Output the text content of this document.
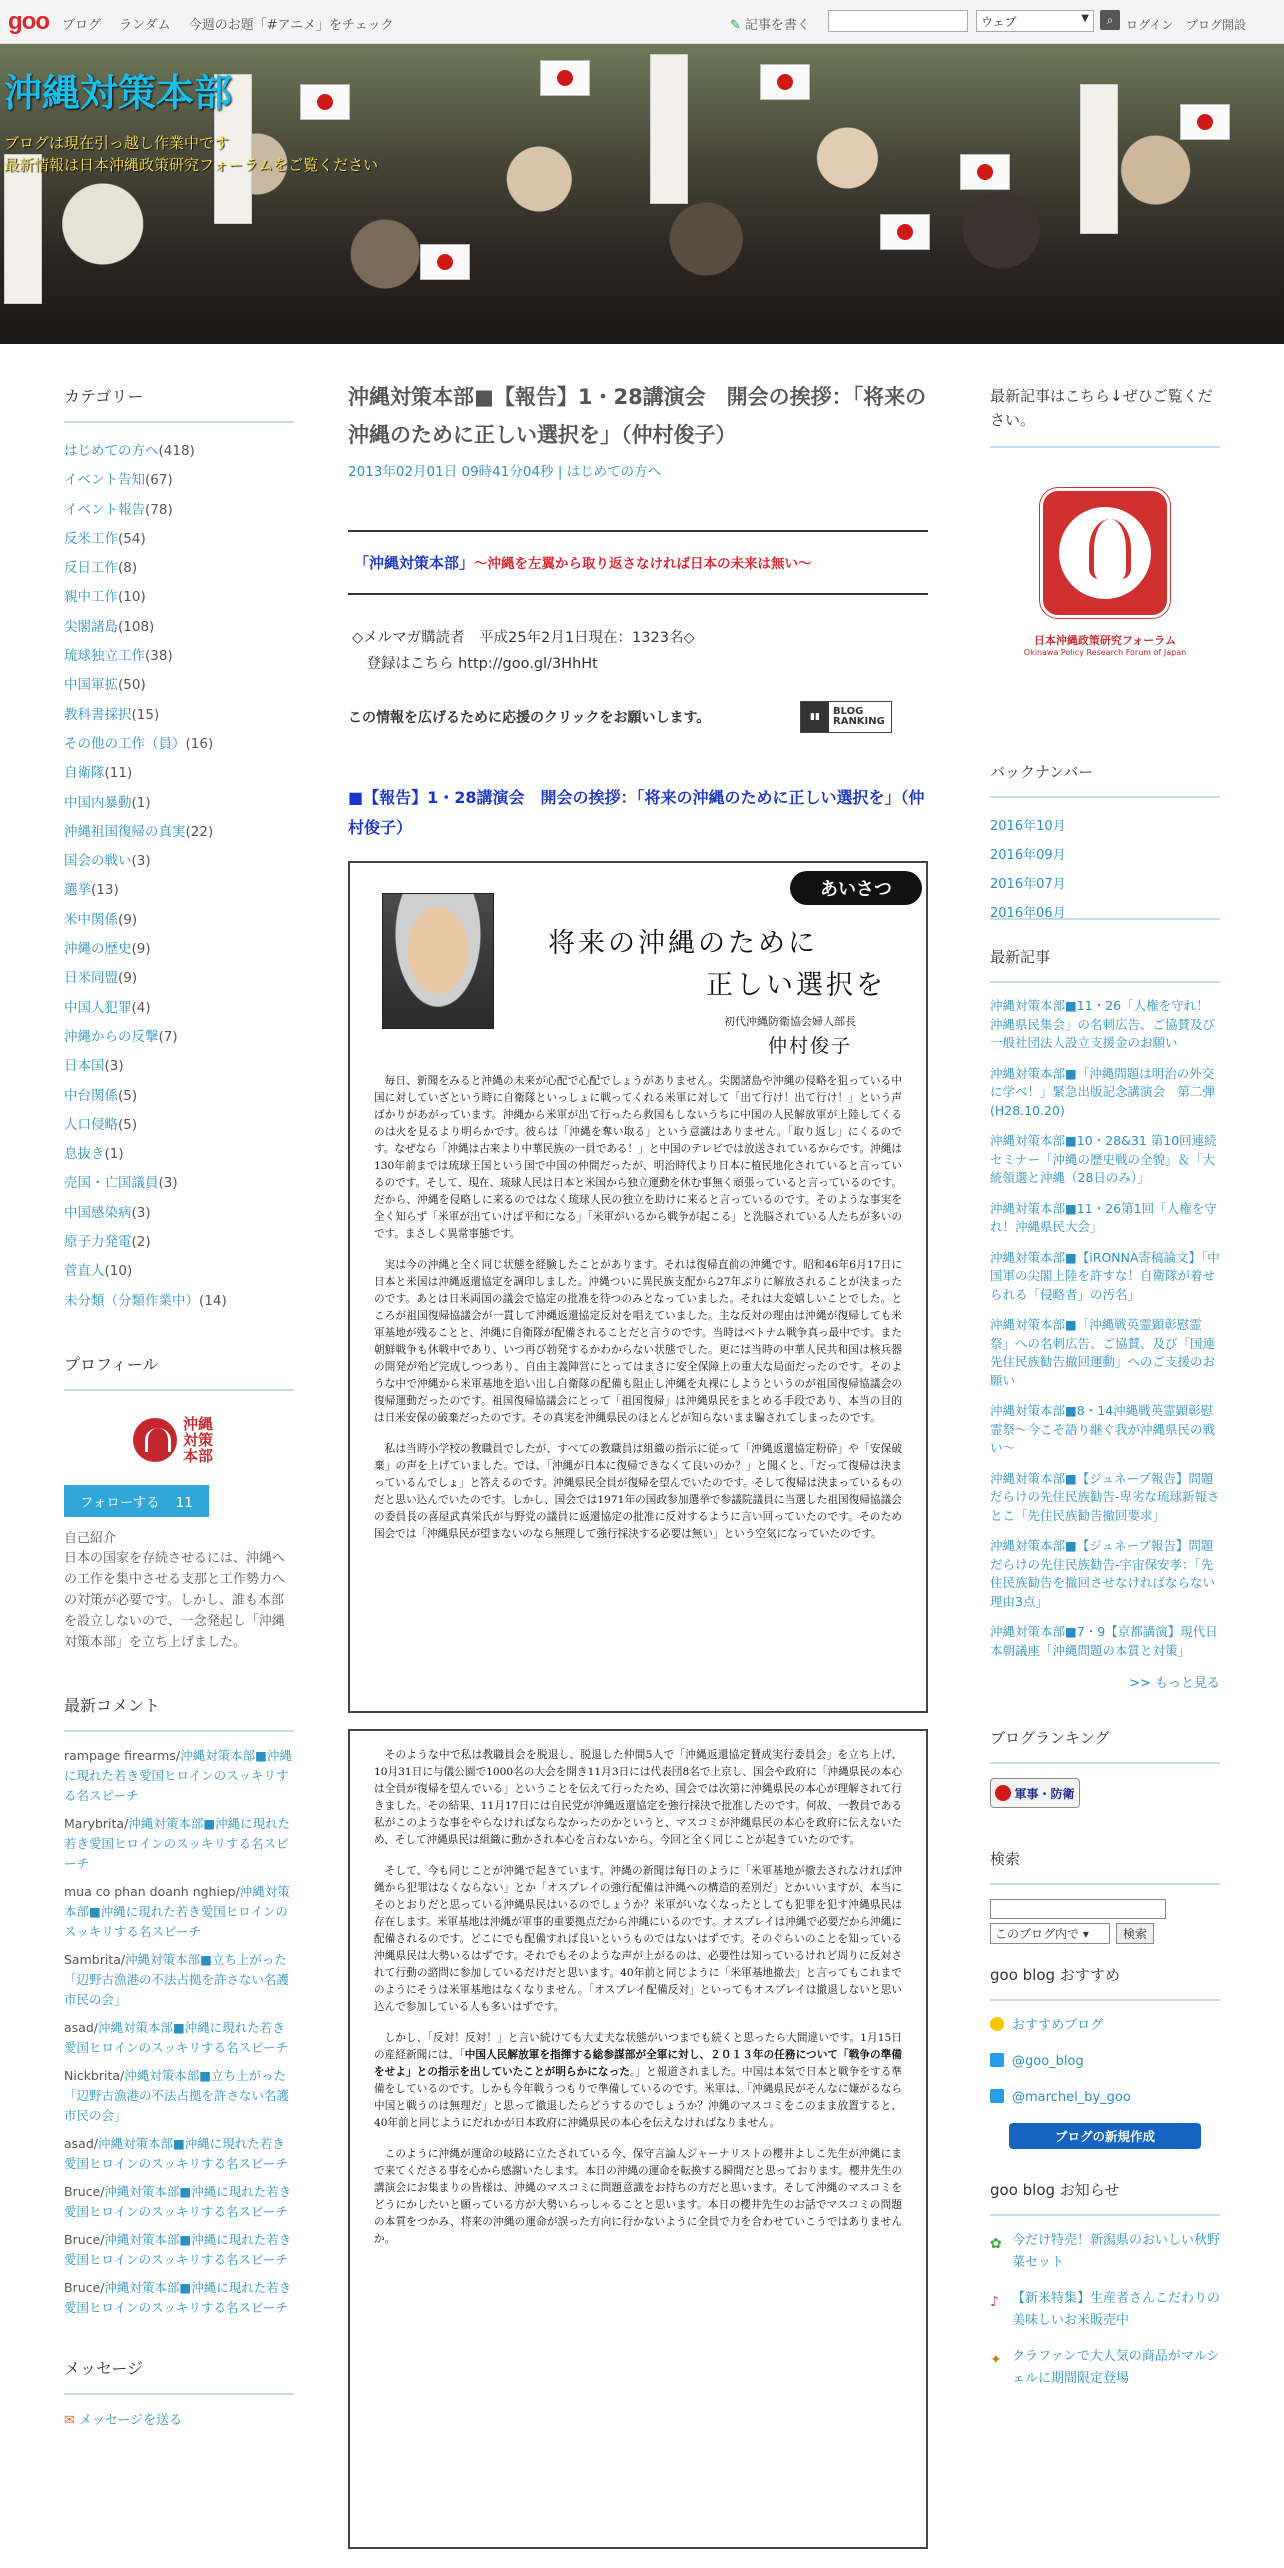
goo ブログ ランダム 今週のお題「#アニメ」をチェック	✎ 記事を書く	ウェブ	▼	⌕	ログイン ブログ開設
沖縄対策本部
ブログは現在引っ越し作業中です
最新情報は日本沖縄政策研究フォーラムをご覧ください
カテゴリー
はじめての方へ(418)
イベント告知(67)
イベント報告(78)
反米工作(54)
反日工作(8)
親中工作(10)
尖閣諸島(108)
琉球独立工作(38)
中国軍拡(50)
教科書採択(15)
その他の工作（員）(16)
自衛隊(11)
中国内暴動(1)
沖縄祖国復帰の真実(22)
国会の戦い(3)
選挙(13)
米中関係(9)
沖縄の歴史(9)
日米同盟(9)
中国人犯罪(4)
沖縄からの反撃(7)
日本国(3)
中台関係(5)
人口侵略(5)
息抜き(1)
売国・亡国議員(3)
中国感染病(3)
原子力発電(2)
菅直人(10)
未分類（分類作業中）(14)
プロフィール
沖縄対策本部
フォローする 11
自己紹介
日本の国家を存続させるには、沖縄への工作を集中させる支那と工作勢力への対策が必要です。しかし、誰も本部を設立しないので、一念発起し「沖縄対策本部」を立ち上げました。
最新コメント
rampage firearms/沖縄対策本部■沖縄に現れた若き愛国ヒロインのスッキリする名スピーチ
Marybrita/沖縄対策本部■沖縄に現れた若き愛国ヒロインのスッキリする名スピーチ
mua co phan doanh nghiep/沖縄対策本部■沖縄に現れた若き愛国ヒロインのスッキリする名スピーチ
Sambrita/沖縄対策本部■立ち上がった「辺野古漁港の不法占拠を許さない名護市民の会」
asad/沖縄対策本部■沖縄に現れた若き愛国ヒロインのスッキリする名スピーチ
Nickbrita/沖縄対策本部■立ち上がった「辺野古漁港の不法占拠を許さない名護市民の会」
asad/沖縄対策本部■沖縄に現れた若き愛国ヒロインのスッキリする名スピーチ
Bruce/沖縄対策本部■沖縄に現れた若き愛国ヒロインのスッキリする名スピーチ
Bruce/沖縄対策本部■沖縄に現れた若き愛国ヒロインのスッキリする名スピーチ
Bruce/沖縄対策本部■沖縄に現れた若き愛国ヒロインのスッキリする名スピーチ
メッセージ
✉ メッセージを送る
沖縄対策本部■【報告】1・28講演会　開会の挨拶：「将来の沖縄のために正しい選択を」（仲村俊子）
2013年02月01日 09時41分04秒 | はじめての方へ
「沖縄対策本部」～沖縄を左翼から取り返さなければ日本の未来は無い～
◇メルマガ購読者　平成25年2月1日現在：1323名◇
　登録はこちら http://goo.gl/3HhHt
この情報を広げるために応援のクリックをお願いします。	▮▮	BLOG
RANKING
■【報告】1・28講演会　開会の挨拶：「将来の沖縄のために正しい選択を」（仲村俊子）
あいさつ
将来の沖縄のために
正しい選択を
初代沖縄防衛協会婦人部長
仲村俊子

毎日、新聞をみると沖縄の未来が心配で心配でしょうがありません。尖閣諸島や沖縄の侵略を狙っている中国に対していざという時に自衛隊といっしょに戦ってくれる米軍に対して「出て行け！出て行け！」という声ばかりがあがっています。沖縄から米軍が出て行ったら救国もしないうちに中国の人民解放軍が上陸してくるのは火を見るより明らかです。彼らは「沖縄を奪い取る」という意識はありません。「取り返し」にくるのです。なぜなら「沖縄は古来より中華民族の一員である！」と中国のテレビでは放送されているからです。沖縄は130年前までは琉球王国という国で中国の仲間だったが、明治時代より日本に植民地化されていると言っているのです。そして、現在、琉球人民は日本と米国から独立運動を休む事無く頑張っていると言っているのです。だから、沖縄を侵略しに来るのではなく琉球人民の独立を助けに来ると言っているのです。そのような事実を全く知らず「米軍が出ていけば平和になる」「米軍がいるから戦争が起こる」と洗脳されている人たちが多いのです。まさしく異常事態です。

実は今の沖縄と全く同じ状態を経験したことがあります。それは復帰直前の沖縄です。昭和46年6月17日に日本と米国は沖縄返還協定を調印しました。沖縄ついに異民族支配から27年ぶりに解放されることが決まったのです。あとは日米両国の議会で協定の批准を待つのみとなっていました。それは大変嬉しいことでした。ところが祖国復帰協議会が一貫して沖縄返還協定反対を唱えていました。主な反対の理由は沖縄が復帰しても米軍基地が残ることと、沖縄に自衛隊が配備されることだと言うのです。当時はベトナム戦争真っ最中です。また朝鮮戦争も休戦中であり、いつ再び勃発するかわからない状態でした。更には当時の中華人民共和国は核兵器の開発が殆ど完成しつつあり、自由主義陣営にとってはまさに安全保障上の重大な局面だったのです。そのような中で沖縄から米軍基地を追い出し自衛隊の配備も阻止し沖縄を丸裸にしようというのが祖国復帰協議会の復帰運動だったのです。祖国復帰協議会にとって「祖国復帰」は沖縄県民をまとめる手段であり、本当の目的は日米安保の破棄だったのです。その真実を沖縄県民のほとんどが知らないまま騙されてしまったのです。

私は当時小学校の教職員でしたが、すべての教職員は組織の指示に従って「沖縄返還協定粉砕」や「安保破棄」の声を上げていました。では、「沖縄が日本に復帰できなくて良いのか？」と聞くと、「だって復帰は決まっているんでしょ」と答えるのです。沖縄県民全員が復帰を望んでいたのです。そして復帰は決まっているものだと思い込んでいたのです。しかし、国会では1971年の国政参加選挙で参議院議員に当選した祖国復帰協議会の委員長の喜屋武真栄氏が与野党の議員に返還協定の批准に反対するように言い回っていたのです。そのため国会では「沖縄県民が望まないのなら無理して強行採決する必要は無い」という空気になっていたのです。

そのような中で私は教職員会を脱退し、脱退した仲間5人で「沖縄返還協定賛成実行委員会」を立ち上げ、10月31日に与儀公園で1000名の大会を開き11月3日には代表団8名で上京し、国会や政府に「沖縄県民の本心は全員が復帰を望んでいる」ということを伝えて行ったため、国会では次第に沖縄県民の本心が理解されて行きました。その結果、11月17日には自民党が沖縄返還協定を強行採決で批准したのです。何故、一教員である私がこのような事をやらなければならなかったのかというと、マスコミが沖縄県民の本心を政府に伝えないため、そして沖縄県民は組織に動かされ本心を言わないから、今回と全く同じことが起きていたのです。

そして、今も同じことが沖縄で起きています。沖縄の新聞は毎日のように「米軍基地が撤去されなければ沖縄から犯罪はなくならない」とか「オスプレイの強行配備は沖縄への構造的差別だ」とかいいますが、本当にそのとおりだと思っている沖縄県民はいるのでしょうか？米軍がいなくなったとしても犯罪を犯す沖縄県民は存在します。米軍基地は沖縄が軍事的重要拠点だから沖縄にいるのです。オスプレイは沖縄で必要だから沖縄に配備されるのです。どこにでも配備すれば良いというものではないはずです。そのぐらいのことを知っている沖縄県民は大勢いるはずです。それでもそのような声が上がるのは、必要性は知っているけれど周りに反対されて行動の諮問に参加しているだけだと思います。40年前と同じように「米軍基地撤去」と言ってもこれまでのようにそうは米軍基地はなくなりません。「オスプレイ配備反対」といってもオスプレイは撤退しないと思い込んで参加している人も多いはずです。

しかし、「反対！反対！」と言い続けても大丈夫な状態がいつまでも続くと思ったら大間違いです。1月15日の産経新聞には、「中国人民解放軍を指揮する総参謀部が全軍に対し、２０１３年の任務について「戦争の準備をせよ」との指示を出していたことが明らかになった。」と報道されました。中国は本気で日本と戦争をする準備をしているのです。しかも今年戦うつもりで準備しているのです。米軍は、「沖縄県民がそんなに嫌がるなら中国と戦うのは無理だ」と思って撤退したらどうするのでしょうか？沖縄のマスコミをこのまま放置すると、40年前と同じようにだれかが日本政府に沖縄県民の本心を伝えなければなりません。

このように沖縄が運命の岐路に立たされている今、保守言論人ジャーナリストの櫻井よしこ先生が沖縄にまで来てくださる事を心から感謝いたします。本日の沖縄の運命を転換する瞬間だと思っております。櫻井先生の講演会にお集まりの皆様は、沖縄のマスコミに問題意識をお持ちの方だと思います。そして沖縄のマスコミをどうにかしたいと願っている方が大勢いらっしゃることと思います。本日の櫻井先生のお話でマスコミの問題の本質をつかみ、将来の沖縄の運命が誤った方向に行かないように全員で力を合わせていこうではありませんか。

最新記事はこちら↓ぜひご覧ください。
日本沖縄政策研究フォーラム
Okinawa Policy Research Forum of Japan
バックナンバー
2016年10月
2016年09月
2016年07月
2016年06月
最新記事
沖縄対策本部■11・26「人権を守れ！沖縄県民集会」の名刺広告、ご協賛及び一般社団法人設立支援金のお願い
沖縄対策本部■「沖縄問題は明治の外交に学べ！」緊急出版記念講演会　第二弾(H28.10.20)
沖縄対策本部■10・28&31 第10回連続セミナー「沖縄の歴史戦の全貌」＆「大統領選と沖縄（28日のみ）」
沖縄対策本部■11・26第1回「人権を守れ！沖縄県民大会」
沖縄対策本部■【iRONNA寄稿論文】「中国軍の尖閣上陸を許すな！自衛隊が着せられる「侵略者」の汚名」
沖縄対策本部■「沖縄戦英霊顕彰慰霊祭」への名刺広告、ご協賛、及び「国連先住民族勧告撤回運動」へのご支援のお願い
沖縄対策本部■8・14沖縄戦英霊顕彰慰霊祭～今こそ語り継ぐ我が沖縄県民の戦い～
沖縄対策本部■【ジュネーブ報告】問題だらけの先住民族勧告-卑劣な琉球新報さとこ「先住民族勧告撤回要求」
沖縄対策本部■【ジュネーブ報告】問題だらけの先住民族勧告-宇宙保安孝：「先住民族勧告を撤回させなければならない理由3点」
沖縄対策本部■7・9【京都講演】現代日本朝議座「沖縄問題の本質と対策」
>> もっと見る
ブログランキング
軍事・防衛
検索
このブログ内で ▾	検索
goo blog おすすめ
おすすめブログ
@goo_blog
@marchel_by_goo
ブログの新規作成
goo blog お知らせ
✿ 今だけ特売！新潟県のおいしい秋野菜セット
♪ 【新米特集】生産者さんこだわりの美味しいお米販売中
✦ クラファンで大人気の商品がマルシェルに期間限定登場
